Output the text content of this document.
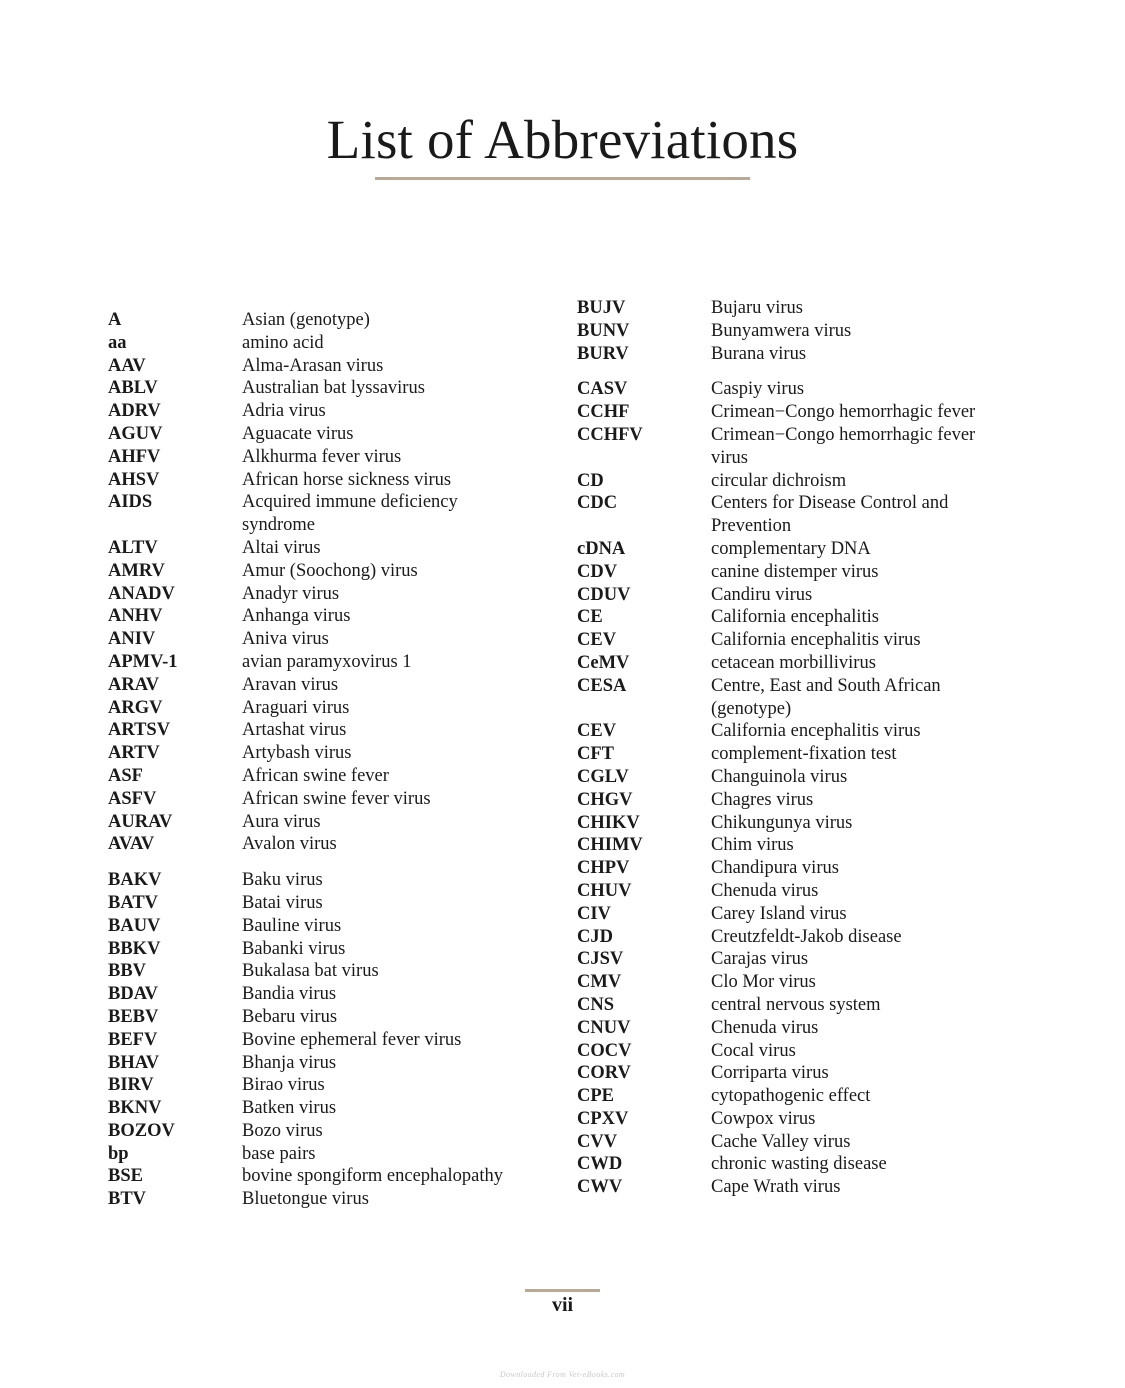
List of Abbreviations
A	Asian (genotype)
aa	amino acid
AAV	Alma-Arasan virus
ABLV	Australian bat lyssavirus
ADRV	Adria virus
AGUV	Aguacate virus
AHFV	Alkhurma fever virus
AHSV	African horse sickness virus
AIDS	Acquired immune deficiency syndrome
ALTV	Altai virus
AMRV	Amur (Soochong) virus
ANADV	Anadyr virus
ANHV	Anhanga virus
ANIV	Aniva virus
APMV-1	avian paramyxovirus 1
ARAV	Aravan virus
ARGV	Araguari virus
ARTSV	Artashat virus
ARTV	Artybash virus
ASF	African swine fever
ASFV	African swine fever virus
AURAV	Aura virus
AVAV	Avalon virus
BAKV	Baku virus
BATV	Batai virus
BAUV	Bauline virus
BBKV	Babanki virus
BBV	Bukalasa bat virus
BDAV	Bandia virus
BEBV	Bebaru virus
BEFV	Bovine ephemeral fever virus
BHAV	Bhanja virus
BIRV	Birao virus
BKNV	Batken virus
BOZOV	Bozo virus
bp	base pairs
BSE	bovine spongiform encephalopathy
BTV	Bluetongue virus
BUJV	Bujaru virus
BUNV	Bunyamwera virus
BURV	Burana virus
CASV	Caspiy virus
CCHF	Crimean−Congo hemorrhagic fever
CCHFV	Crimean−Congo hemorrhagic fever virus
CD	circular dichroism
CDC	Centers for Disease Control and Prevention
cDNA	complementary DNA
CDV	canine distemper virus
CDUV	Candiru virus
CE	California encephalitis
CEV	California encephalitis virus
CeMV	cetacean morbillivirus
CESA	Centre, East and South African (genotype)
CEV	California encephalitis virus
CFT	complement-fixation test
CGLV	Changuinola virus
CHGV	Chagres virus
CHIKV	Chikungunya virus
CHIMV	Chim virus
CHPV	Chandipura virus
CHUV	Chenuda virus
CIV	Carey Island virus
CJD	Creutzfeldt-Jakob disease
CJSV	Carajas virus
CMV	Clo Mor virus
CNS	central nervous system
CNUV	Chenuda virus
COCV	Cocal virus
CORV	Corriparta virus
CPE	cytopathogenic effect
CPXV	Cowpox virus
CVV	Cache Valley virus
CWD	chronic wasting disease
CWV	Cape Wrath virus
vii
Downloaded From Vet-eBooks.com
